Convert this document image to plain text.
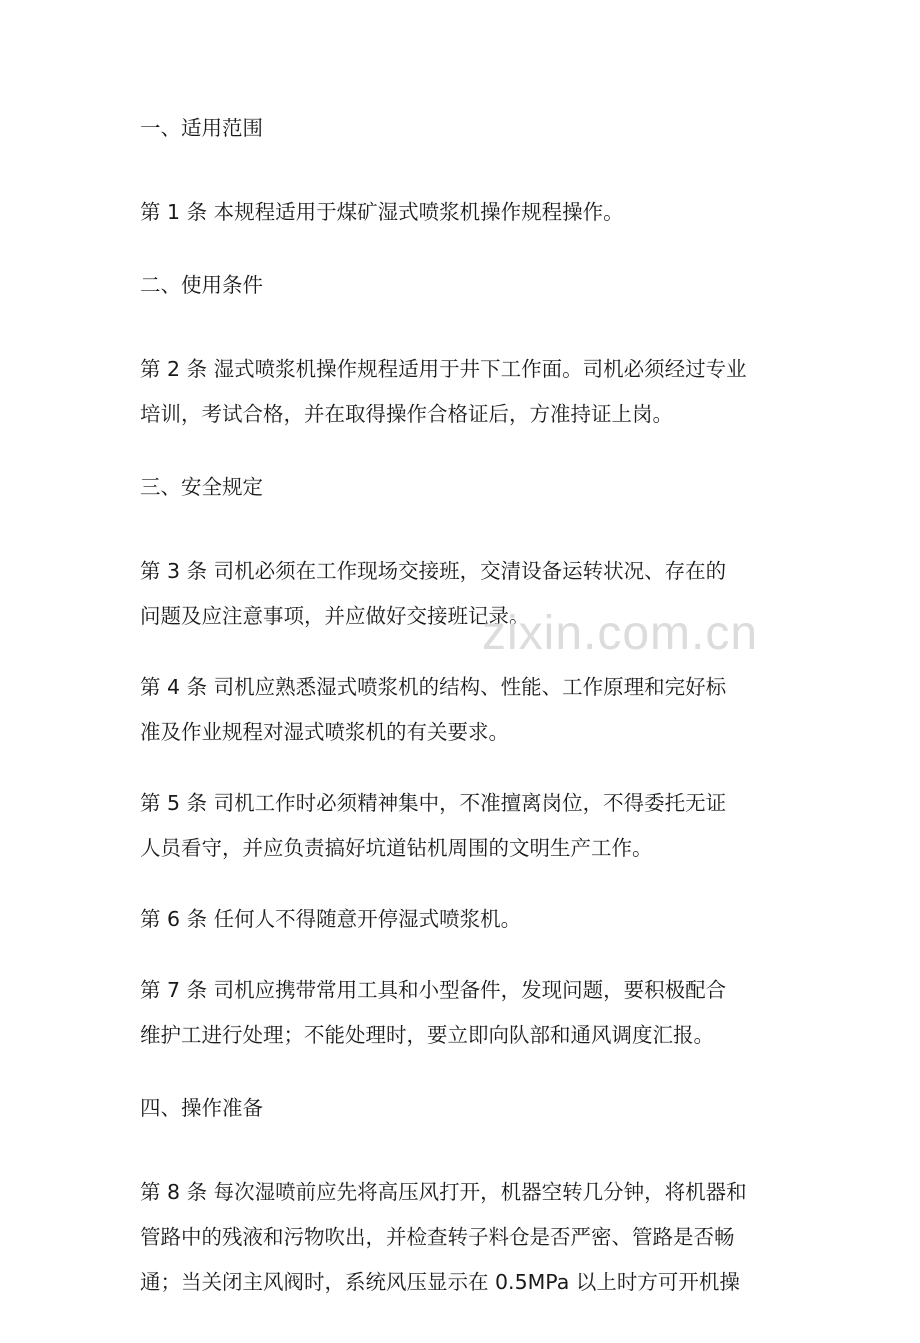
一、适用范围
第 1 条 本规程适用于煤矿湿式喷浆机操作规程操作。
二、使用条件
第 2 条 湿式喷浆机操作规程适用于井下工作面。司机必须经过专业
培训，考试合格，并在取得操作合格证后，方准持证上岗。
三、安全规定
第 3 条 司机必须在工作现场交接班，交清设备运转状况、存在的
问题及应注意事项，并应做好交接班记录。
第 4 条 司机应熟悉湿式喷浆机的结构、性能、工作原理和完好标
准及作业规程对湿式喷浆机的有关要求。
第 5 条 司机工作时必须精神集中，不准擅离岗位，不得委托无证
人员看守，并应负责搞好坑道钻机周围的文明生产工作。
第 6 条 任何人不得随意开停湿式喷浆机。
第 7 条 司机应携带常用工具和小型备件，发现问题，要积极配合
维护工进行处理；不能处理时，要立即向队部和通风调度汇报。
四、操作准备
第 8 条 每次湿喷前应先将高压风打开，机器空转几分钟，将机器和
管路中的残液和污物吹出，并检查转子料仓是否严密、管路是否畅
通；当关闭主风阀时，系统风压显示在 0.5MPa 以上时方可开机操
zixin.com.cn
